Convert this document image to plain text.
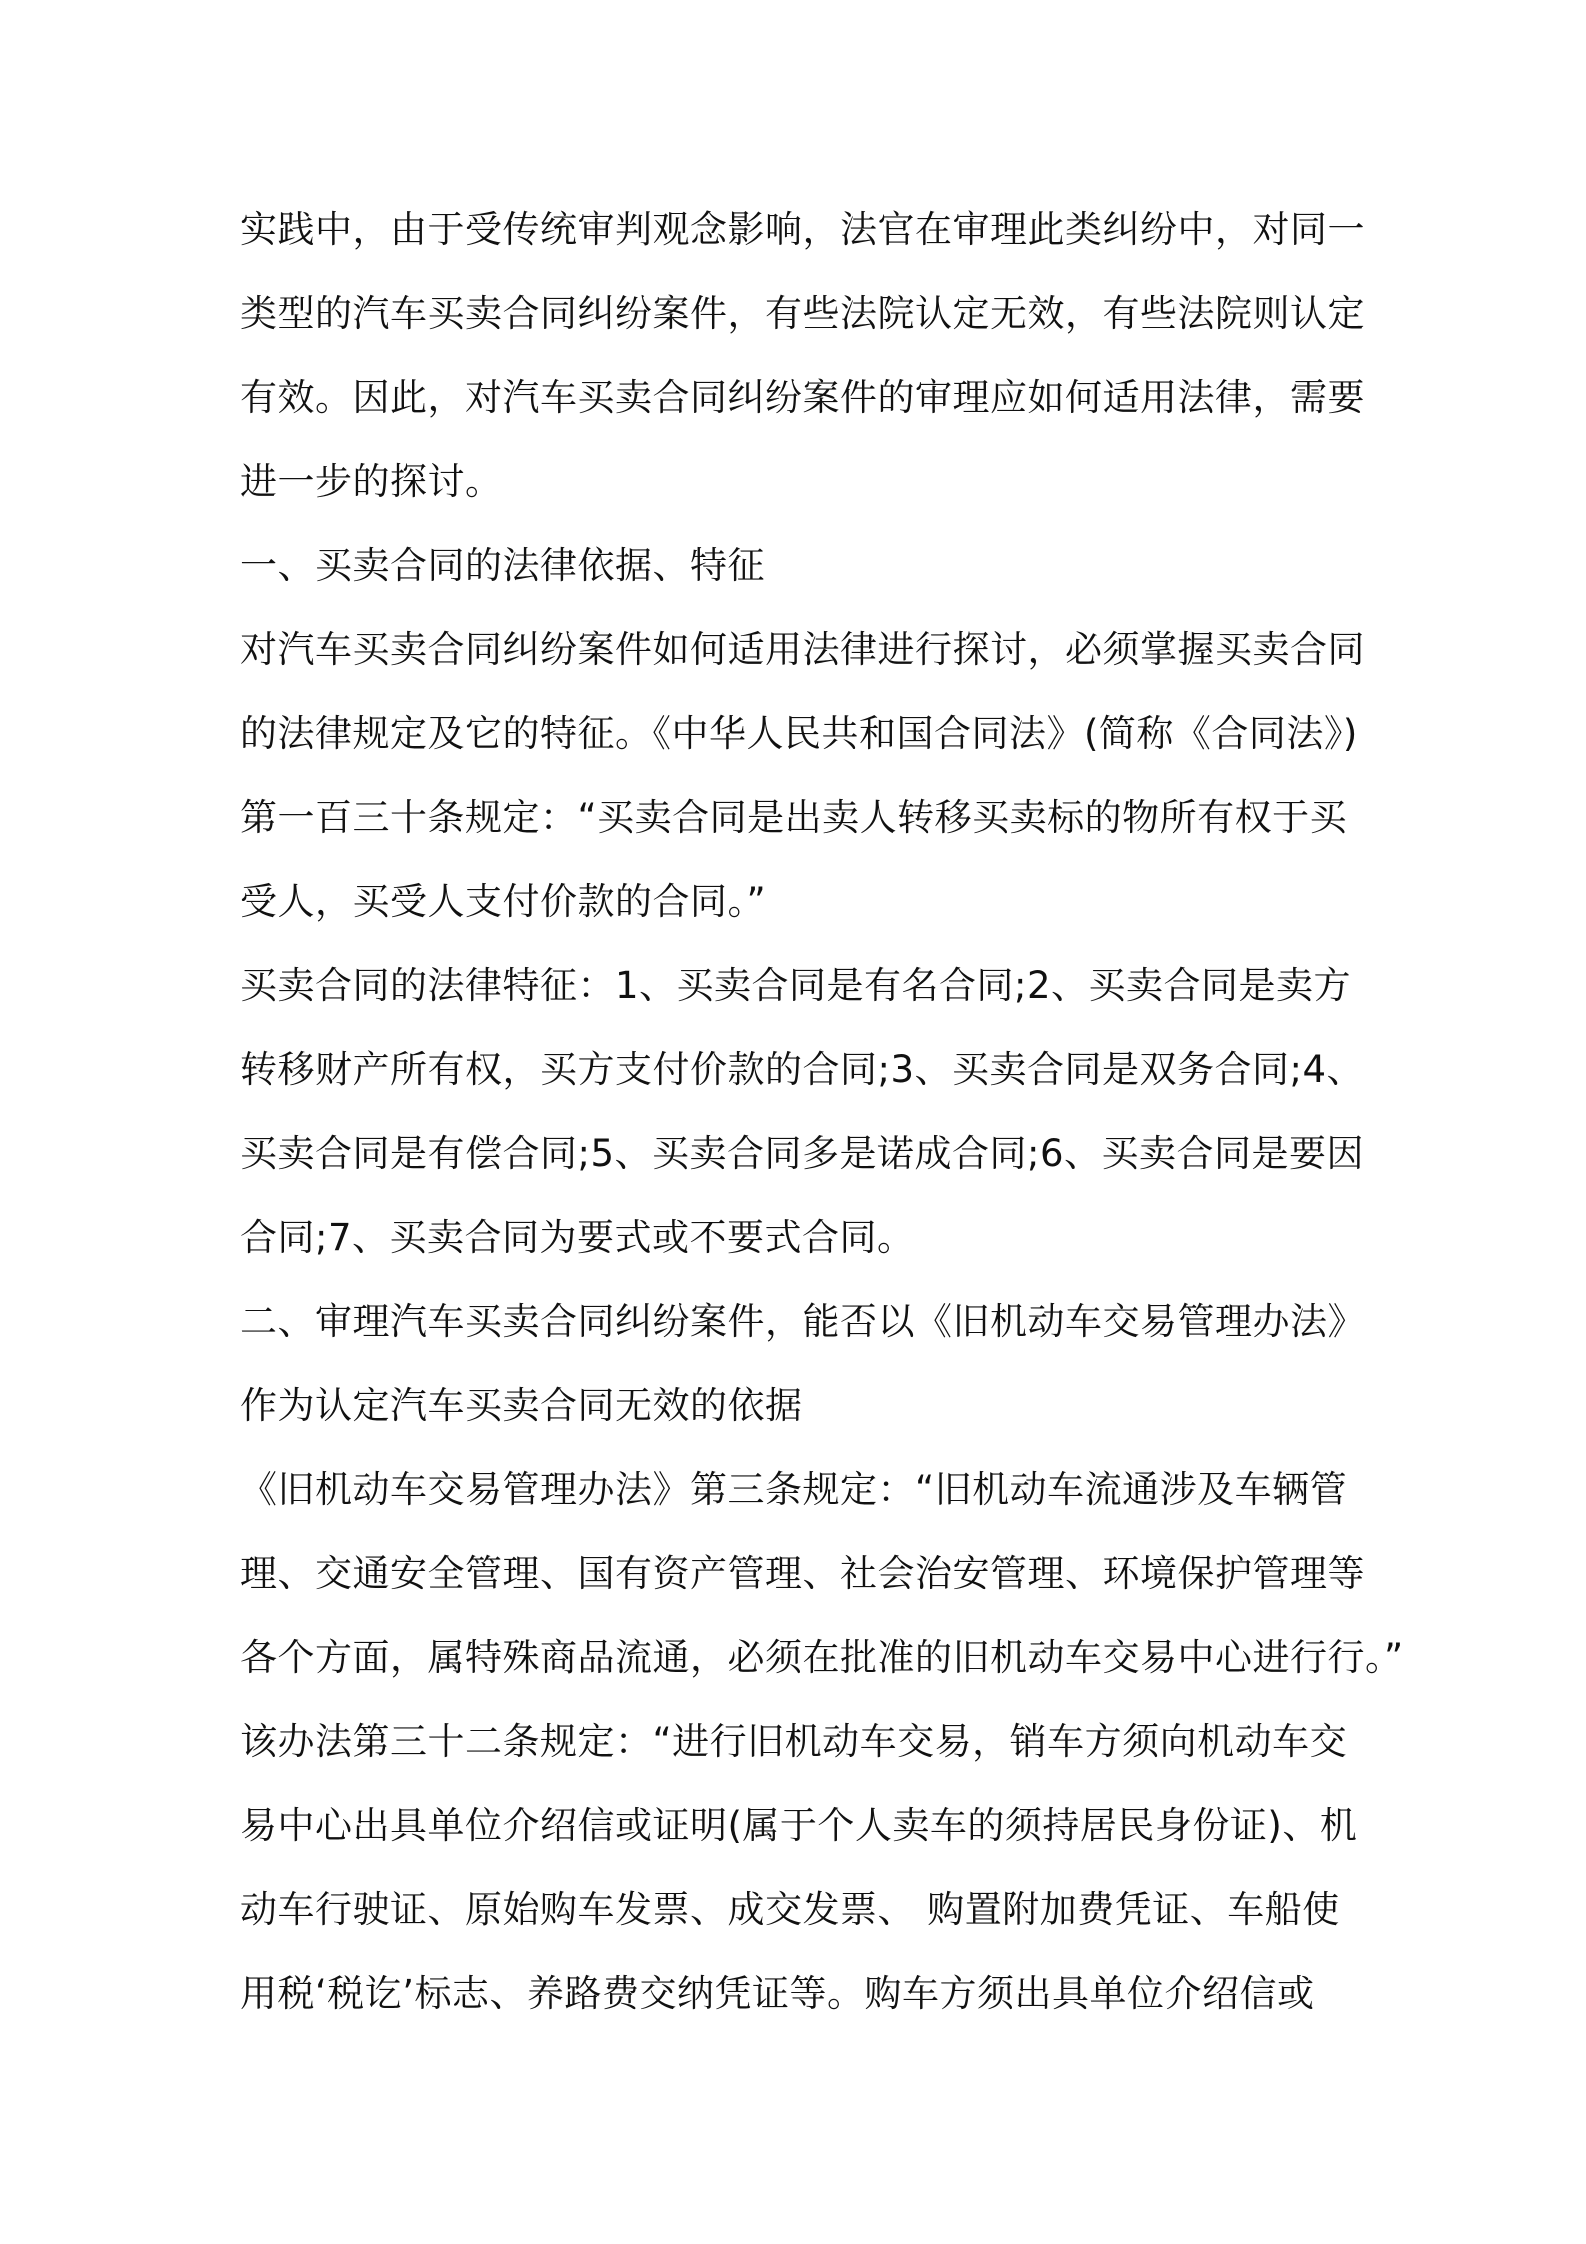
实践中，由于受传统审判观念影响，法官在审理此类纠纷中，对同一
类型的汽车买卖合同纠纷案件，有些法院认定无效，有些法院则认定
有效。因此，对汽车买卖合同纠纷案件的审理应如何适用法律，需要
进一步的探讨。
一、买卖合同的法律依据、特征
对汽车买卖合同纠纷案件如何适用法律进行探讨，必须掌握买卖合同
的法律规定及它的特征。《中华人民共和国合同法》(简称《合同法》)
第一百三十条规定：“买卖合同是出卖人转移买卖标的物所有权于买
受人，买受人支付价款的合同。”
买卖合同的法律特征：1、买卖合同是有名合同;2、买卖合同是卖方
转移财产所有权，买方支付价款的合同;3、买卖合同是双务合同;4、
买卖合同是有偿合同;5、买卖合同多是诺成合同;6、买卖合同是要因
合同;7、买卖合同为要式或不要式合同。
二、审理汽车买卖合同纠纷案件，能否以《旧机动车交易管理办法》
作为认定汽车买卖合同无效的依据
《旧机动车交易管理办法》第三条规定：“旧机动车流通涉及车辆管
理、交通安全管理、国有资产管理、社会治安管理、环境保护管理等
各个方面，属特殊商品流通，必须在批准的旧机动车交易中心进行行。”
该办法第三十二条规定：“进行旧机动车交易，销车方须向机动车交
易中心出具单位介绍信或证明(属于个人卖车的须持居民身份证)、机
动车行驶证、原始购车发票、成交发票、 购置附加费凭证、车船使
用税‘税讫’标志、养路费交纳凭证等。购车方须出具单位介绍信或
